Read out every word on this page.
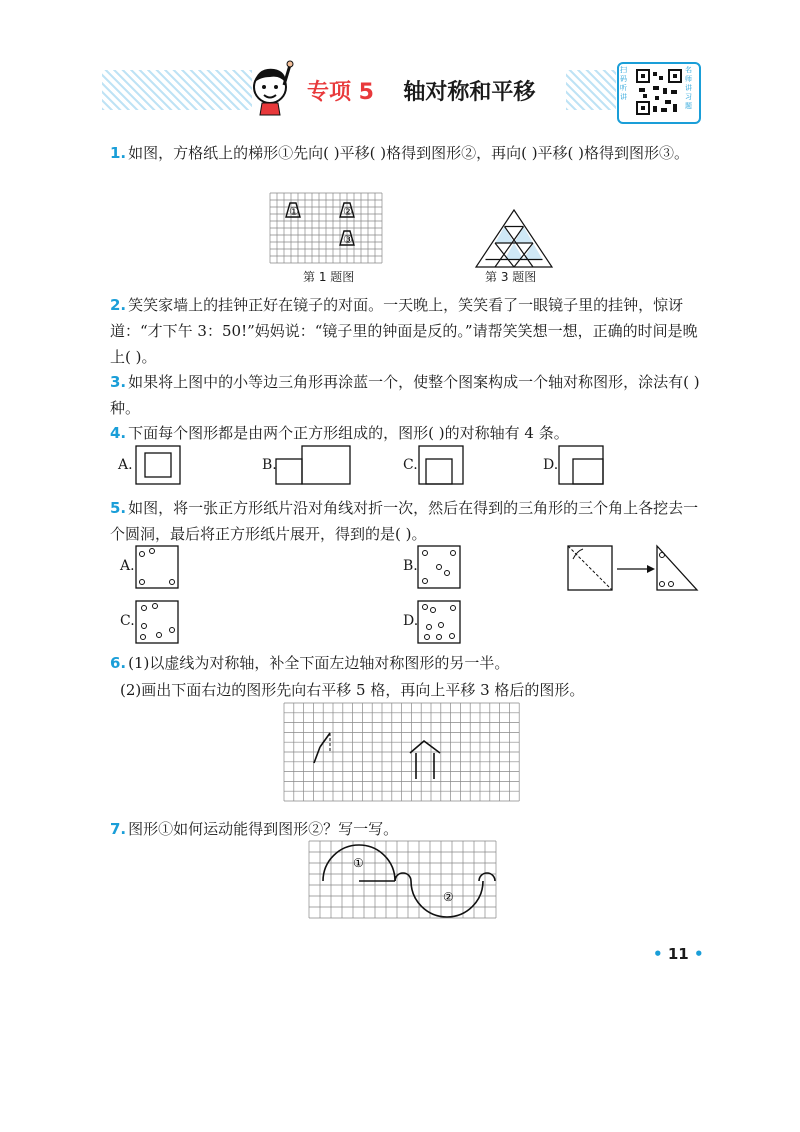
专项 5 轴对称和平移
扫码听讲
名师讲习题
1. 如图，方格纸上的梯形①先向( )平移( )格得到图形②，再向( )平移( )格得到图形③。
①	②
③
第 1 题图	第 3 题图
2. 笑笑家墙上的挂钟正好在镜子的对面。一天晚上，笑笑看了一眼镜子里的挂钟，惊讶道：“才下午 3：50!”妈妈说：“镜子里的钟面是反的。”请帮笑笑想一想，正确的时间是晚上( )。
3. 如果将上图中的小等边三角形再涂蓝一个，使整个图案构成一个轴对称图形，涂法有( )种。
4. 下面每个图形都是由两个正方形组成的，图形( )的对称轴有 4 条。
A.	B.	C.	D.
5. 如图，将一张正方形纸片沿对角线对折一次，然后在得到的三角形的三个角上各挖去一个圆洞，最后将正方形纸片展开，得到的是( )。
A.	B.
C.	D.
6. (1)以虚线为对称轴，补全下面左边轴对称图形的另一半。
(2)画出下面右边的图形先向右平移 5 格，再向上平移 3 格后的图形。
7. 图形①如何运动能得到图形②？写一写。
①
②
• 11 •
